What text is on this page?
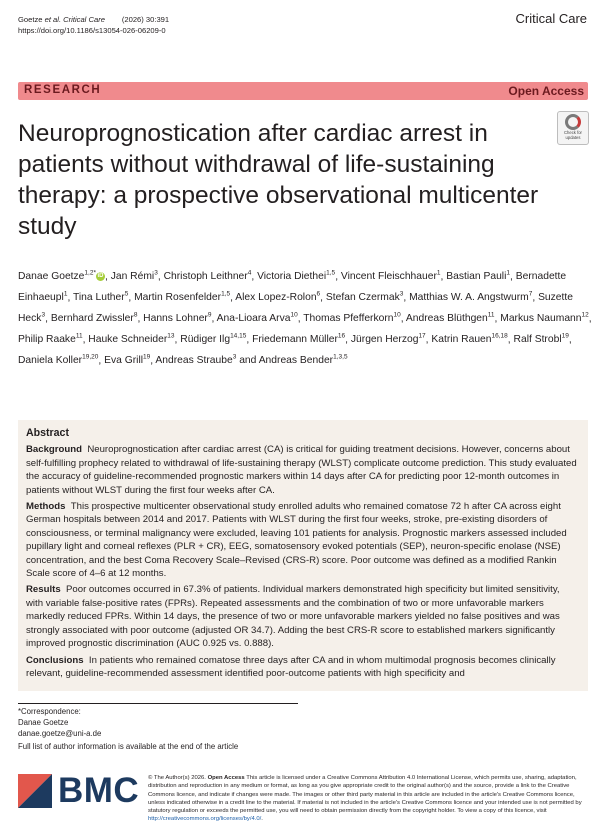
Goetze et al. Critical Care (2026) 30:391
https://doi.org/10.1186/s13054-026-06209-0
Critical Care
RESEARCH	Open Access
Check for
updates
Neuroprognostication after cardiac arrest in patients without withdrawal of life-sustaining therapy: a prospective observational multicenter study
Danae Goetze$^{1,2*}$ iD , Jan Rémi$^3$, Christoph Leithner$^4$, Victoria Diethei$^{1,5}$, Vincent Fleischhauer$^1$, Bastian Pauli$^1$, Bernadette Einhaeupl$^1$, Tina Luther$^5$, Martin Rosenfelder$^{1,5}$, Alex Lopez-Rolon$^6$, Stefan Czermak$^3$, Matthias W. A. Angstwurm$^7$, Suzette Heck$^3$, Bernhard Zwissler$^8$, Hanns Lohner$^9$, Ana-Lioara Arva$^{10}$, Thomas Pfefferkorn$^{10}$, Andreas Blüthgen$^{11}$, Markus Naumann$^{12}$, Philip Raake$^{11}$, Hauke Schneider$^{13}$, Rüdiger Ilg$^{14,15}$, Friedemann Müller$^{16}$, Jürgen Herzog$^{17}$, Katrin Rauen$^{16,18}$, Ralf Strobl$^{19}$, Daniela Koller$^{19,20}$, Eva Grill$^{19}$, Andreas Straube$^3$ and Andreas Bender$^{1,3,5}$
Abstract

Background Neuroprognostication after cardiac arrest (CA) is critical for guiding treatment decisions. However, concerns about self-fulfilling prophecy related to withdrawal of life-sustaining therapy (WLST) complicate outcome prediction. This study evaluated the accuracy of guideline-recommended prognostic markers within 14 days after CA for predicting poor 12-month outcomes in patients without WLST during the first four weeks after CA.

Methods This prospective multicenter observational study enrolled adults who remained comatose 72 h after CA across eight German hospitals between 2014 and 2017. Patients with WLST during the first four weeks, stroke, pre-existing disorders of consciousness, or terminal malignancy were excluded, leaving 101 patients for analysis. Prognostic markers assessed included pupillary light and corneal reflexes (PLR + CR), EEG, somatosensory evoked potentials (SEP), neuron-specific enolase (NSE) concentration, and the best Coma Recovery Scale–Revised (CRS-R) score. Poor outcome was defined as a modified Rankin Scale score of 4–6 at 12 months.

Results Poor outcomes occurred in 67.3% of patients. Individual markers demonstrated high specificity but limited sensitivity, with variable false-positive rates (FPRs). Repeated assessments and the combination of two or more unfavorable markers markedly reduced FPRs. Within 14 days, the presence of two or more unfavorable markers yielded no false positives and was strongly associated with poor outcome (adjusted OR 34.7). Adding the best CRS-R score to established markers significantly improved prognostic discrimination (AUC 0.925 vs. 0.888).

Conclusions In patients who remained comatose three days after CA and in whom multimodal prognosis becomes clinically relevant, guideline-recommended assessment identified poor-outcome patients with high specificity and

*Correspondence:
Danae Goetze
danae.goetze@uni-a.de
Full list of author information is available at the end of the article
BMC © The Author(s) 2026. Open Access This article is licensed under a Creative Commons Attribution 4.0 International License, which permits use, sharing, adaptation, distribution and reproduction in any medium or format, as long as you give appropriate credit to the original author(s) and the source, provide a link to the Creative Commons licence, and indicate if changes were made. The images or other third party material in this article are included in the article's Creative Commons licence, unless indicated otherwise in a credit line to the material. If material is not included in the article's Creative Commons licence and your intended use is not permitted by statutory regulation or exceeds the permitted use, you will need to obtain permission directly from the copyright holder. To view a copy of this licence, visit http://creativecommons.org/licenses/by/4.0/.
